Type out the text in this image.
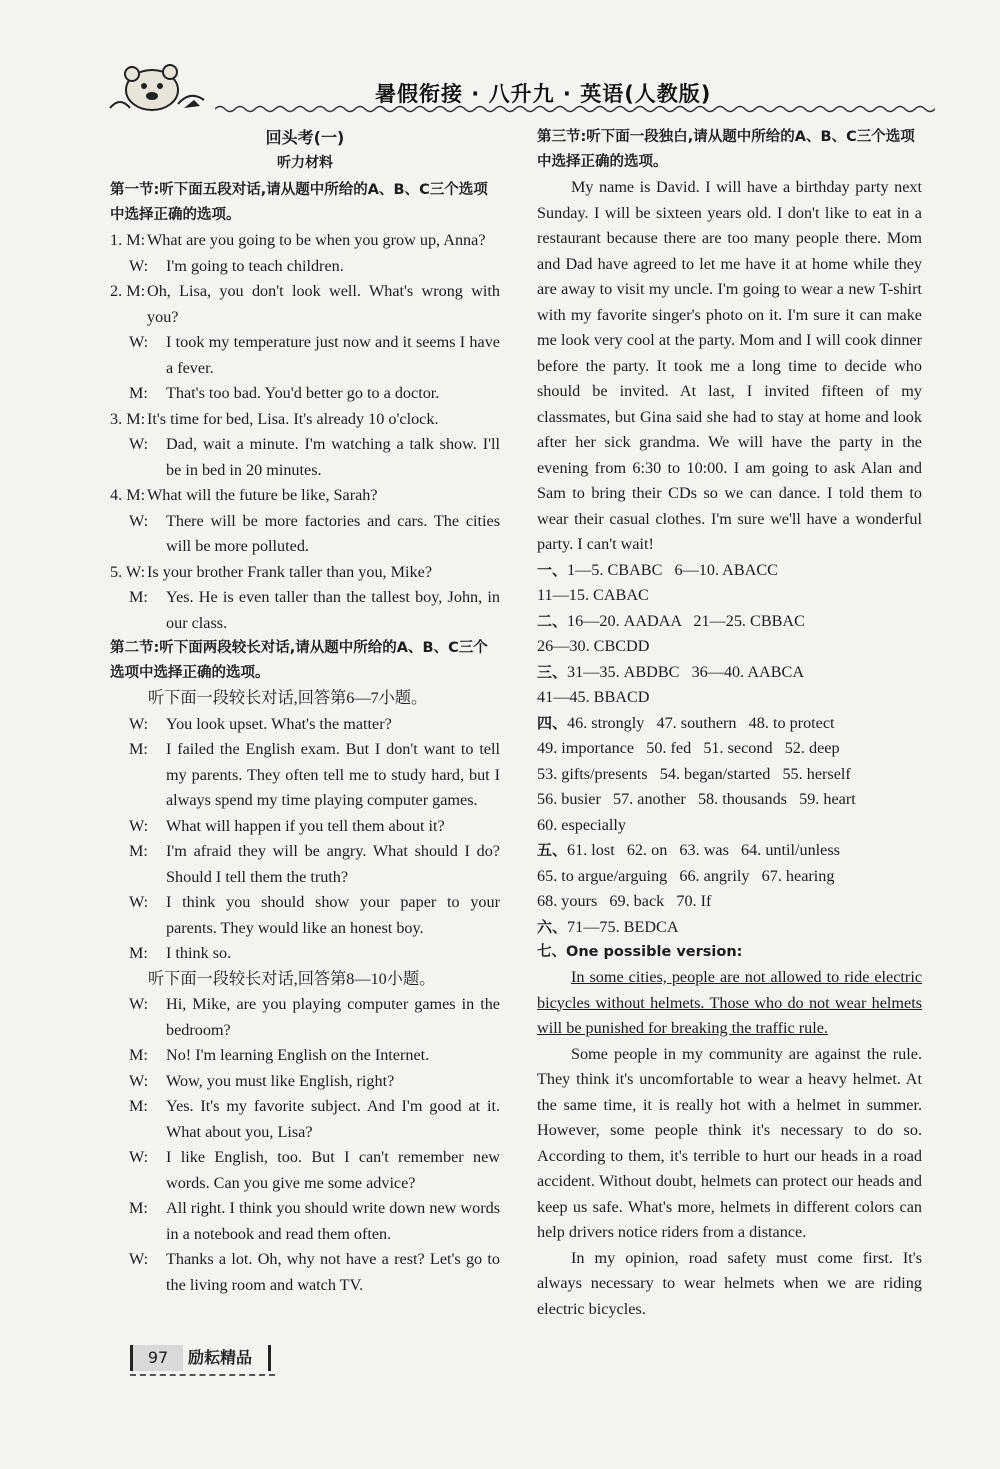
暑假衔接 · 八升九 · 英语(人教版)

回头考(一)

听力材料

第一节:听下面五段对话,请从题中所给的A、B、C三个选项中选择正确的选项。

1. M: What are you going to be when you grow up, Anna?
W:	I'm going to teach children.
2. M: Oh, Lisa, you don't look well. What's wrong with you?
W:	I took my temperature just now and it seems I have a fever.
M:	That's too bad. You'd better go to a doctor.
3. M: It's time for bed, Lisa. It's already 10 o'clock.
W:	Dad, wait a minute. I'm watching a talk show. I'll be in bed in 20 minutes.
4. M: What will the future be like, Sarah?
W:	There will be more factories and cars. The cities will be more polluted.
5. W: Is your brother Frank taller than you, Mike?
M:	Yes. He is even taller than the tallest boy, John, in our class.

第二节:听下面两段较长对话,请从题中所给的A、B、C三个选项中选择正确的选项。

听下面一段较长对话,回答第6—7小题。

W:	You look upset. What's the matter?
M:	I failed the English exam. But I don't want to tell my parents. They often tell me to study hard, but I always spend my time playing computer games.
W:	What will happen if you tell them about it?
M:	I'm afraid they will be angry. What should I do? Should I tell them the truth?
W:	I think you should show your paper to your parents. They would like an honest boy.
M:	I think so.

听下面一段较长对话,回答第8—10小题。

W:	Hi, Mike, are you playing computer games in the bedroom?
M:	No! I'm learning English on the Internet.
W:	Wow, you must like English, right?
M:	Yes. It's my favorite subject. And I'm good at it. What about you, Lisa?
W:	I like English, too. But I can't remember new words. Can you give me some advice?
M:	All right. I think you should write down new words in a notebook and read them often.
W:	Thanks a lot. Oh, why not have a rest? Let's go to the living room and watch TV.

第三节:听下面一段独白,请从题中所给的A、B、C三个选项中选择正确的选项。

My name is David. I will have a birthday party next Sunday. I will be sixteen years old. I don't like to eat in a restaurant because there are too many people there. Mom and Dad have agreed to let me have it at home while they are away to visit my uncle. I'm going to wear a new T-shirt with my favorite singer's photo on it. I'm sure it can make me look very cool at the party. Mom and I will cook dinner before the party. It took me a long time to decide who should be invited. At last, I invited fifteen of my classmates, but Gina said she had to stay at home and look after her sick grandma. We will have the party in the evening from 6:30 to 10:00. I am going to ask Alan and Sam to bring their CDs so we can dance. I told them to wear their casual clothes. I'm sure we'll have a wonderful party. I can't wait!

一、1—5. CBABC   6—10. ABACC

11—15. CABAC

二、16—20. AADAA   21—25. CBBAC

26—30. CBCDD

三、31—35. ABDBC   36—40. AABCA

41—45. BBACD

四、46. strongly   47. southern   48. to protect

49. importance   50. fed   51. second   52. deep

53. gifts/presents   54. began/started   55. herself

56. busier   57. another   58. thousands   59. heart

60. especially

五、61. lost   62. on   63. was   64. until/unless

65. to argue/arguing   66. angrily   67. hearing

68. yours   69. back   70. If

六、71—75. BEDCA

七、One possible version:

In some cities, people are not allowed to ride electric bicycles without helmets. Those who do not wear helmets will be punished for breaking the traffic rule.

Some people in my community are against the rule. They think it's uncomfortable to wear a heavy helmet. At the same time, it is really hot with a helmet in summer. However, some people think it's necessary to do so. According to them, it's terrible to hurt our heads in a road accident. Without doubt, helmets can protect our heads and keep us safe. What's more, helmets in different colors can help drivers notice riders from a distance.

In my opinion, road safety must come first. It's always necessary to wear helmets when we are riding electric bicycles.

97	励耘精品
